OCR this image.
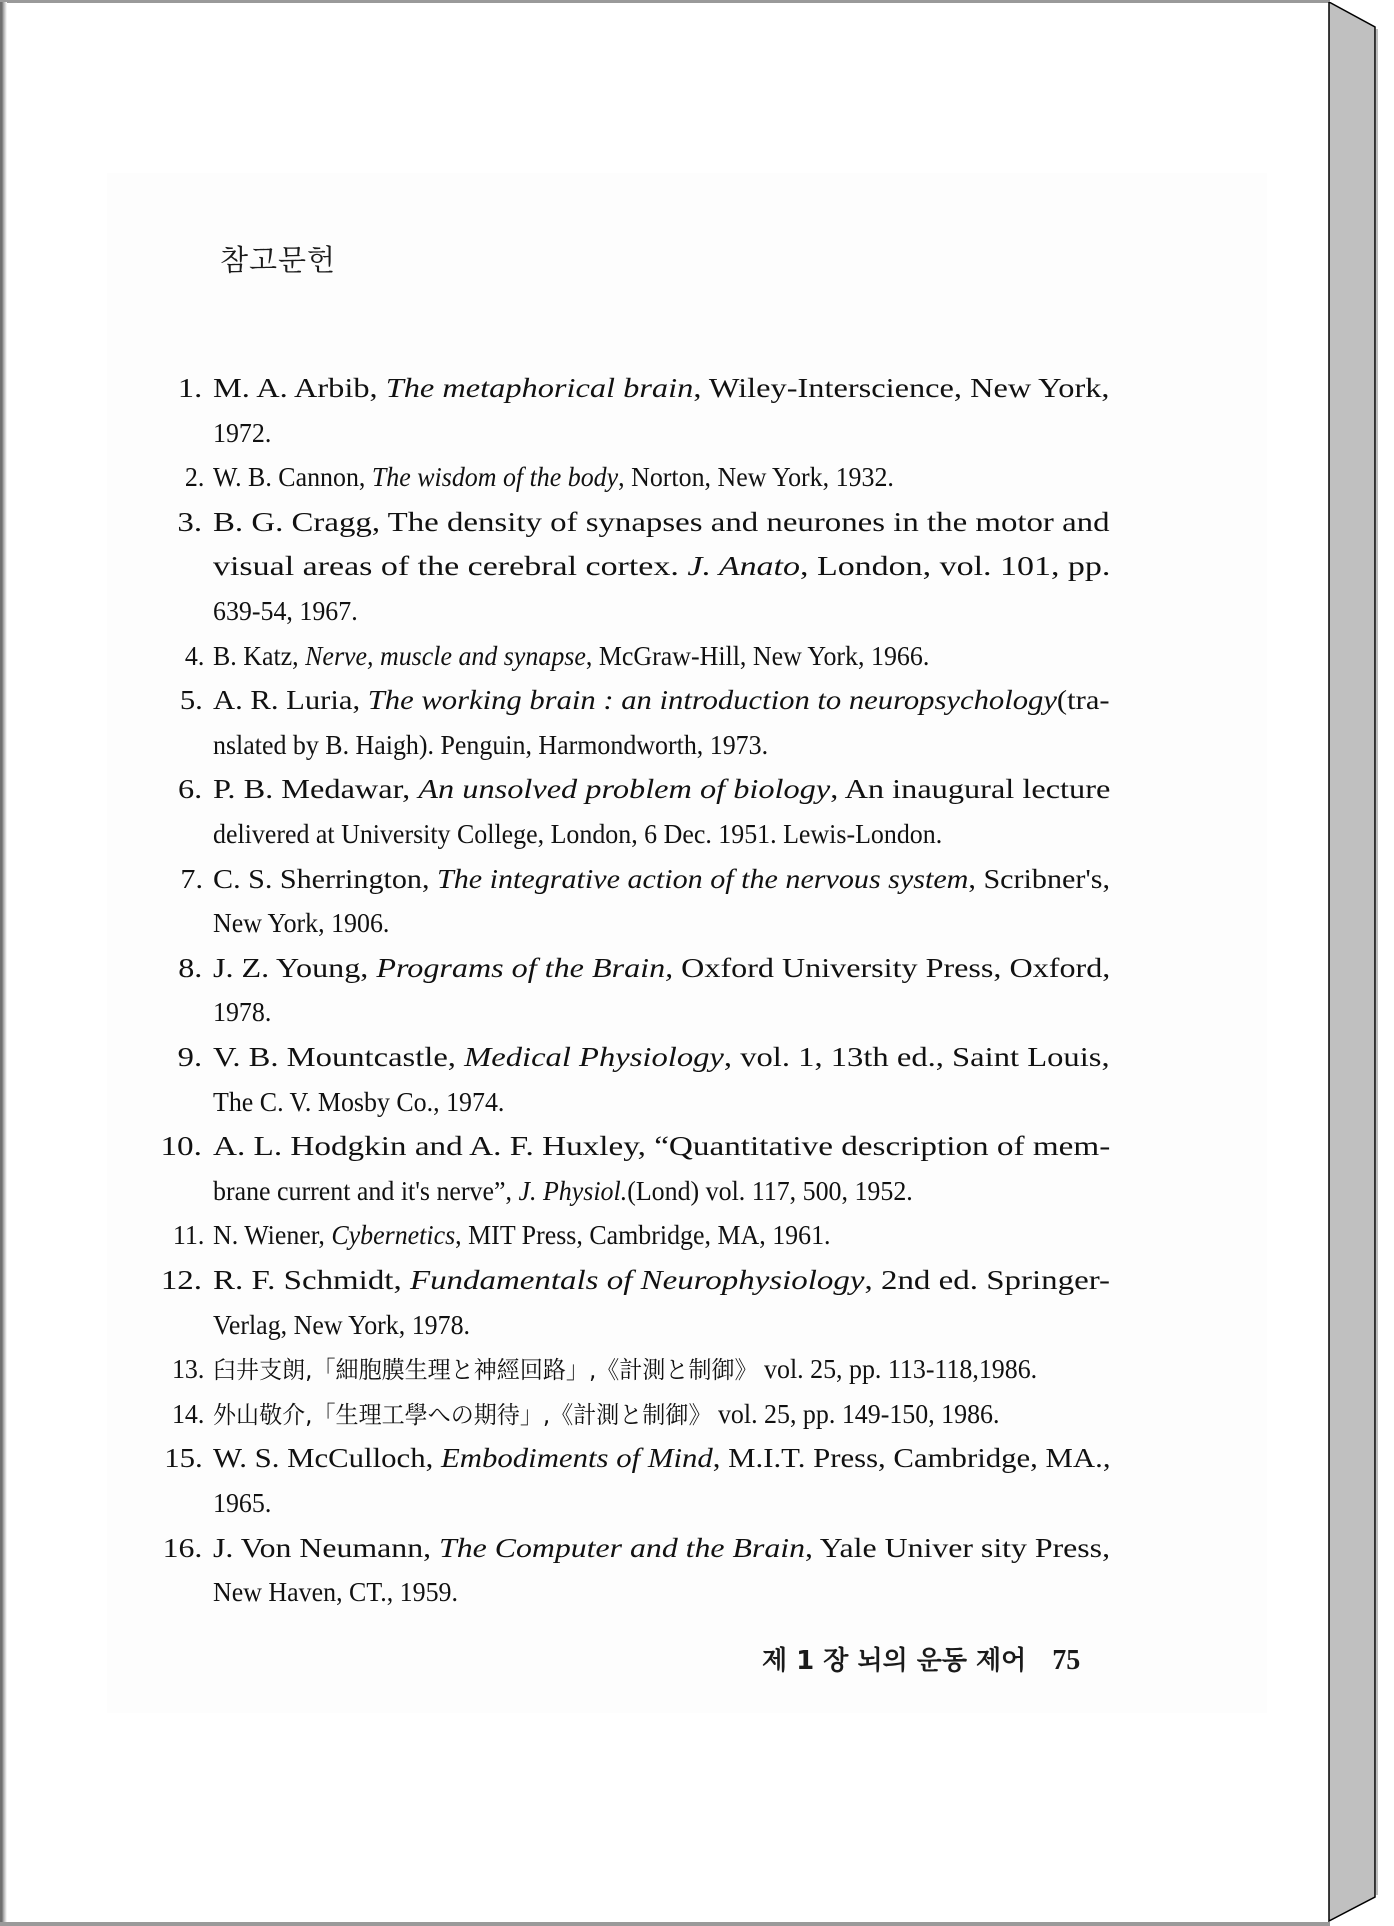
참고문헌
1. M. A. Arbib, The metaphorical brain, Wiley-Interscience, New York,
1972.
2. W. B. Cannon, The wisdom of the body, Norton, New York, 1932.
3. B. G. Cragg, The density of synapses and neurones in the motor and
visual areas of the cerebral cortex. J. Anato, London, vol. 101, pp.
639-54, 1967.
4. B. Katz, Nerve, muscle and synapse, McGraw-Hill, New York, 1966.
5. A. R. Luria, The working brain : an introduction to neuropsychology(tra-
nslated by B. Haigh). Penguin, Harmondworth, 1973.
6. P. B. Medawar, An unsolved problem of biology, An inaugural lecture
delivered at University College, London, 6 Dec. 1951. Lewis-London.
7. C. S. Sherrington, The integrative action of the nervous system, Scribner's,
New York, 1906.
8. J. Z. Young, Programs of the Brain, Oxford University Press, Oxford,
1978.
9. V. B. Mountcastle, Medical Physiology, vol. 1, 13th ed., Saint Louis,
The C. V. Mosby Co., 1974.
10. A. L. Hodgkin and A. F. Huxley, “Quantitative description of mem-
brane current and it's nerve”, J. Physiol.(Lond) vol. 117, 500, 1952.
11. N. Wiener, Cybernetics, MIT Press, Cambridge, MA, 1961.
12. R. F. Schmidt, Fundamentals of Neurophysiology, 2nd ed. Springer-
Verlag, New York, 1978.
13. 臼井支朗,「細胞膜生理と神經回路」,《計測と制御》 vol. 25, pp. 113-118,1986.
14. 外山敬介,「生理工學への期待」,《計測と制御》 vol. 25, pp. 149-150, 1986.
15. W. S. McCulloch, Embodiments of Mind, M.I.T. Press, Cambridge, MA.,
1965.
16. J. Von Neumann, The Computer and the Brain, Yale Univer sity Press,
New Haven, CT., 1959.
제 1 장 뇌의 운동 제어 75
